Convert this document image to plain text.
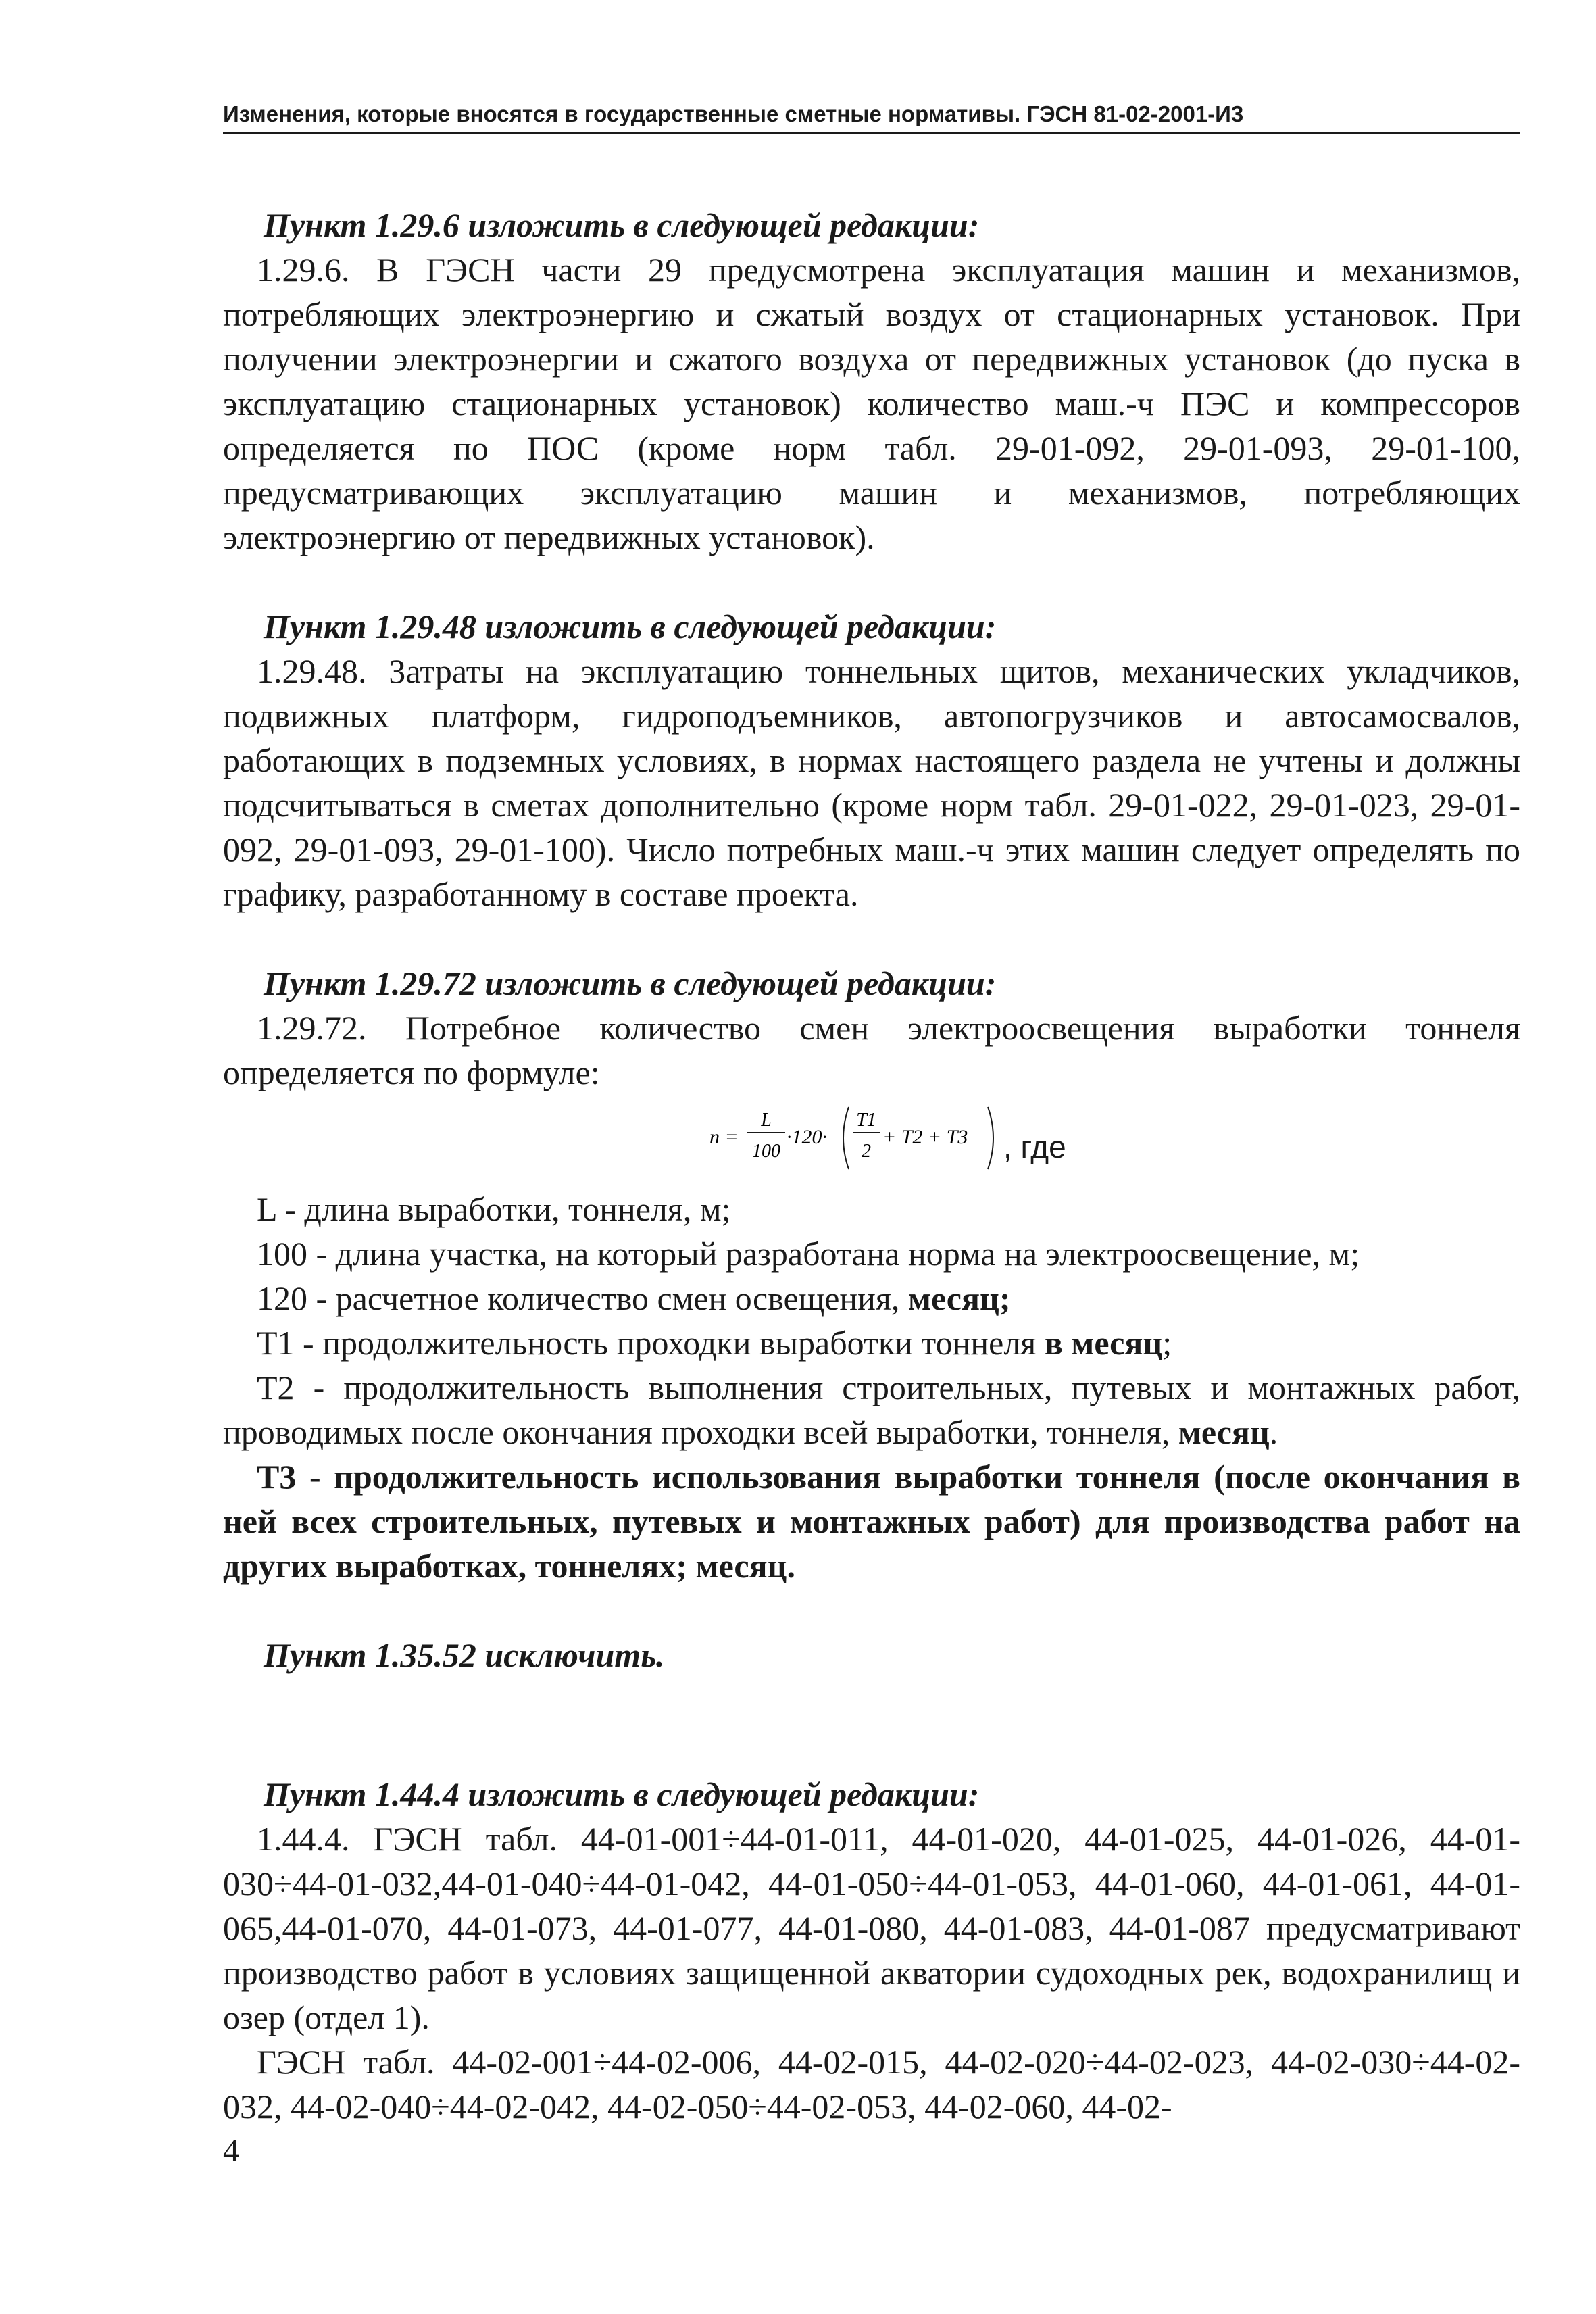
Изменения, которые вносятся в государственные сметные нормативы. ГЭСН 81-02-2001-И3

Пункт 1.29.6 изложить в следующей редакции:

1.29.6. В ГЭСН части 29 предусмотрена эксплуатация машин и механизмов, потребляющих электроэнергию и сжатый воздух от стационарных установок. При получении электроэнергии и сжатого воздуха от передвижных установок (до пуска в эксплуатацию стационарных установок) количество маш.-ч ПЭС и компрессоров определяется по ПОС (кроме норм табл. 29-01-092, 29-01-093, 29-01-100, предусматривающих эксплуатацию машин и механизмов, потребляющих электроэнергию от передвижных установок).

Пункт 1.29.48 изложить в следующей редакции:

1.29.48. Затраты на эксплуатацию тоннельных щитов, механических укладчиков, подвижных платформ, гидроподъемников, автопогрузчиков и автосамосвалов, работающих в подземных условиях, в нормах настоящего раздела не учтены и должны подсчитываться в сметах дополнительно (кроме норм табл. 29-01-022, 29-01-023, 29-01-092, 29-01-093, 29-01-100). Число потребных маш.-ч этих машин следует определять по графику, разработанному в составе проекта.

Пункт 1.29.72 изложить в следующей редакции:

1.29.72. Потребное количество смен электроосвещения выработки тоннеля определяется по формуле:

n =
L
100
·120·
T1
2
+ T2 + T3 , где

L - длина выработки, тоннеля, м;

100 - длина участка, на который разработана норма на электроосвещение, м;

120 - расчетное количество смен освещения, месяц;

T1 - продолжительность проходки выработки тоннеля в месяц;

T2 - продолжительность выполнения строительных, путевых и монтажных работ, проводимых после окончания проходки всей выработки, тоннеля, месяц.

T3 - продолжительность использования выработки тоннеля (после окончания в ней всех строительных, путевых и монтажных работ) для производства работ на других выработках, тоннелях; месяц.

Пункт 1.35.52 исключить.

Пункт 1.44.4 изложить в следующей редакции:

1.44.4. ГЭСН табл. 44-01-001÷44-01-011, 44-01-020, 44-01-025, 44-01-026, 44-01-030÷44-01-032,44-01-040÷44-01-042, 44-01-050÷44-01-053, 44-01-060, 44-01-061, 44-01-065,44-01-070, 44-01-073, 44-01-077, 44-01-080, 44-01-083, 44-01-087 предусматривают производство работ в условиях защищенной акватории судоходных рек, водохранилищ и озер (отдел 1).

ГЭСН табл. 44-02-001÷44-02-006, 44-02-015, 44-02-020÷44-02-023, 44-02-030÷44-02-032, 44-02-040÷44-02-042, 44-02-050÷44-02-053, 44-02-060, 44-02-

4
